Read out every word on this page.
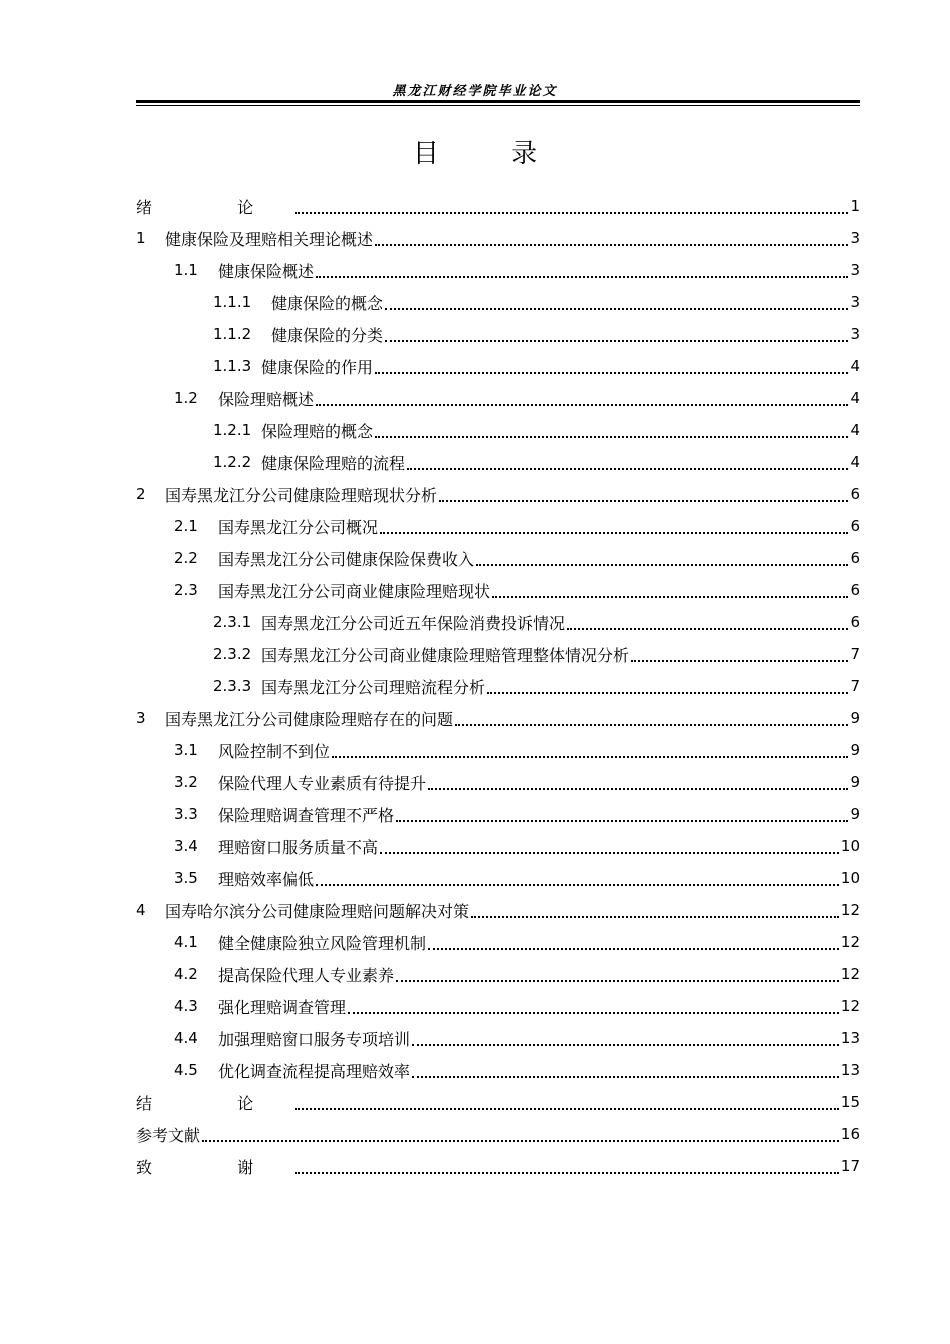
黑龙江财经学院毕业论文
目 录
绪 论	1
1	健康保险及理赔相关理论概述	3
1.1	健康保险概述	3
1.1.1	健康保险的概念	3
1.1.2	健康保险的分类	3
1.1.3 健康保险的作用	4
1.2	保险理赔概述	4
1.2.1 保险理赔的概念	4
1.2.2 健康保险理赔的流程	4
2	国寿黑龙江分公司健康险理赔现状分析	6
2.1	国寿黑龙江分公司概况	6
2.2	国寿黑龙江分公司健康保险保费收入	6
2.3	国寿黑龙江分公司商业健康险理赔现状	6
2.3.1 国寿黑龙江分公司近五年保险消费投诉情况	6
2.3.2 国寿黑龙江分公司商业健康险理赔管理整体情况分析	7
2.3.3 国寿黑龙江分公司理赔流程分析	7
3	国寿黑龙江分公司健康险理赔存在的问题	9
3.1	风险控制不到位	9
3.2	保险代理人专业素质有待提升	9
3.3	保险理赔调查管理不严格	9
3.4	理赔窗口服务质量不高	10
3.5	理赔效率偏低	10
4	国寿哈尔滨分公司健康险理赔问题解决对策	12
4.1	健全健康险独立风险管理机制	12
4.2	提高保险代理人专业素养	12
4.3	强化理赔调查管理	12
4.4	加强理赔窗口服务专项培训	13
4.5	优化调查流程提高理赔效率	13
结 论	15
参考文献	16
致 谢	17
